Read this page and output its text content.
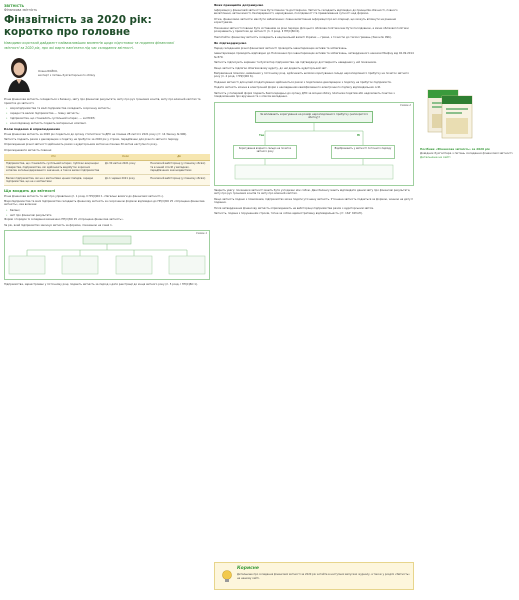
ЗВІТНІСТЬ
Фінансова звітність
Фінзвітність за 2020 рік:
коротко про головне
Наводимо короткий дайджест найважливіших моментів щодо підготовки та подання фінансової звітності за 2020 рік, про які варто пам'ятати під час складання звітності.
Олена БОЙКО,
експерт з питань бухгалтерського обліку

Річна фінансова звітність складається з балансу, звіту про фінансові результати, звіту про рух грошових коштів, звіту про власний капітал та приміток до звітності.

• мікропідприємства та малі підприємства складають скорочену звітність;
• середні та великі підприємства — повну звітність;
• підприємства, що становлять суспільний інтерес, — за МСФЗ;
• консолідовану звітність подають материнські компанії.
Коли подаємо й оприлюднюємо

Річна фінансова звітність за 2020 рік подається до органу статистики та ДПС не пізніше 28 лютого 2021 року (ст. 14 Закону № 996).

Звітність подають разом з декларацією з податку на прибуток за 2020 рік у строки, передбачені для річного звітного періоду.

Оприлюднення річної звітності здійснюють разом з аудиторським звітом не пізніше 30 квітня наступного року.

Оприлюднювати звітність повинні:

Хто	Коли	Де
Підприємства, що становлять суспільний інтерес, публічні акціонерні товариства, підприємства, які здійснюють видобуток корисних копалин загальнодержавного значення, а також великі підприємства	До 30 квітня 2021 року	На власній вебсторінці (у повному обсязі) та в інший спосіб у випадках, передбачених законодавством
Великі підприємства, які не є емітентами цінних паперів, середні підприємства, що не є емітентами	До 1 червня 2021 року	На власній вебсторінці (у повному обсязі)
Що входить до звітності

Річна фінансова звітність та звіт про управління (п. 1 розд. II НП(С)БО 1 «Загальні вимоги до фінансової звітності»).

Мікропідприємства та малі підприємства складають фінансову звітність за скороченою формою відповідно до НП(С)БО 25 «Спрощена фінансова звітність», яка включає:

• баланс;
• звіт про фінансові результати.

Форми і порядок їх складання визначено НП(С)БО 25 «Спрощена фінансова звітність».

За рік, який підприємство закінчує звітність за формою, показаною на схемі 1.

Схема 1

Підприємства, зареєстровані у поточному році, подають звітність за період з дати реєстрації до кінця звітного року (п. 5 розд. I НП(С)БО 1).

Яких принципів дотримуємо

Інформація у фінансовій звітності має бути повною та достовірною. Звітність складають відповідно до принципів обачності, повного висвітлення, автономності, безперервності, нарахування, послідовності та превалювання сутності над формою.

Отже, фінансовою звітністю має бути забезпечено: повне висвітлення інформації про всі операції, що можуть вплинути на рішення користувачів.

Показники звітності повинні бути зіставними за різні періоди. Для цього облікова політика має бути послідовною, а зміни облікової політики розкривають у примітках до звітності (п. 3 розд. II НП(С)БО 6).

Пам'ятайте: фінансову звітність складають в національній валюті України — гривні, з точністю до тисячі гривень (Закон № 996).

Як підтверджуємо

Перед складанням річної фінансової звітності проводять інвентаризацію активів та зобов'язань.

Інвентаризацію проводять відповідно до Положення про інвентаризацію активів та зобов'язань, затвердженого наказом Мінфіну від 02.09.2014 № 879.

Звітність підписують керівник та бухгалтер підприємства. Це підтверджує достовірність наведених у ній показників.

Якщо звітність підлягає обов'язковому аудиту, до неї додають аудиторський звіт.

Виправлення помилок, виявлених у поточному році, здійснюють шляхом коригування сальдо нерозподіленого прибутку на початок звітного року (п. 4 розд. I НП(С)БО 6).

Подання звітності для цілей оподаткування здійснюється разом з податковою декларацією з податку на прибуток підприємств.

Подати звітність можна в електронній формі з накладенням кваліфікованого електронного підпису відповідальних осіб.

Звітність у паперовій формі подають безпосередньо до органу ДПС за місцем обліку платника податків або надсилають поштою з повідомленням про вручення та з описом вкладення.

Схема 2
Чи впливають коригування на розмір нерозподіленого прибутку (непокритого збитку)?
Так	Ні
Коригування вхідного сальдо на початок звітного року
Відображають у звітності поточного періоду

Зверніть увагу: показники звітності мають бути узгоджені між собою. Дані балансу мають відповідати даним звіту про фінансові результати, звіту про рух грошових коштів та звіту про власний капітал.

Якщо звітність подано з помилками, підприємство може подати уточнену звітність. Уточнена звітність подається за формою, чинною на дату її подання.

Після затвердження фінансову звітність оприлюднюють на вебсторінці підприємства разом з аудиторським звітом.

Звітність, подана з порушенням строків, тягне за собою адміністративну відповідальність (ст. 164² КУпАП).

Посібник «Фінансова звітність» за 2020 рік
Довідник бухгалтера з питань складання фінансової звітності.
Детальніше на сайті
Корисне
Детальніше про складання фінансової звітності за 2020 рік читайте в наступних випусках журналу, а також у розділі «Звітність» на нашому сайті.
